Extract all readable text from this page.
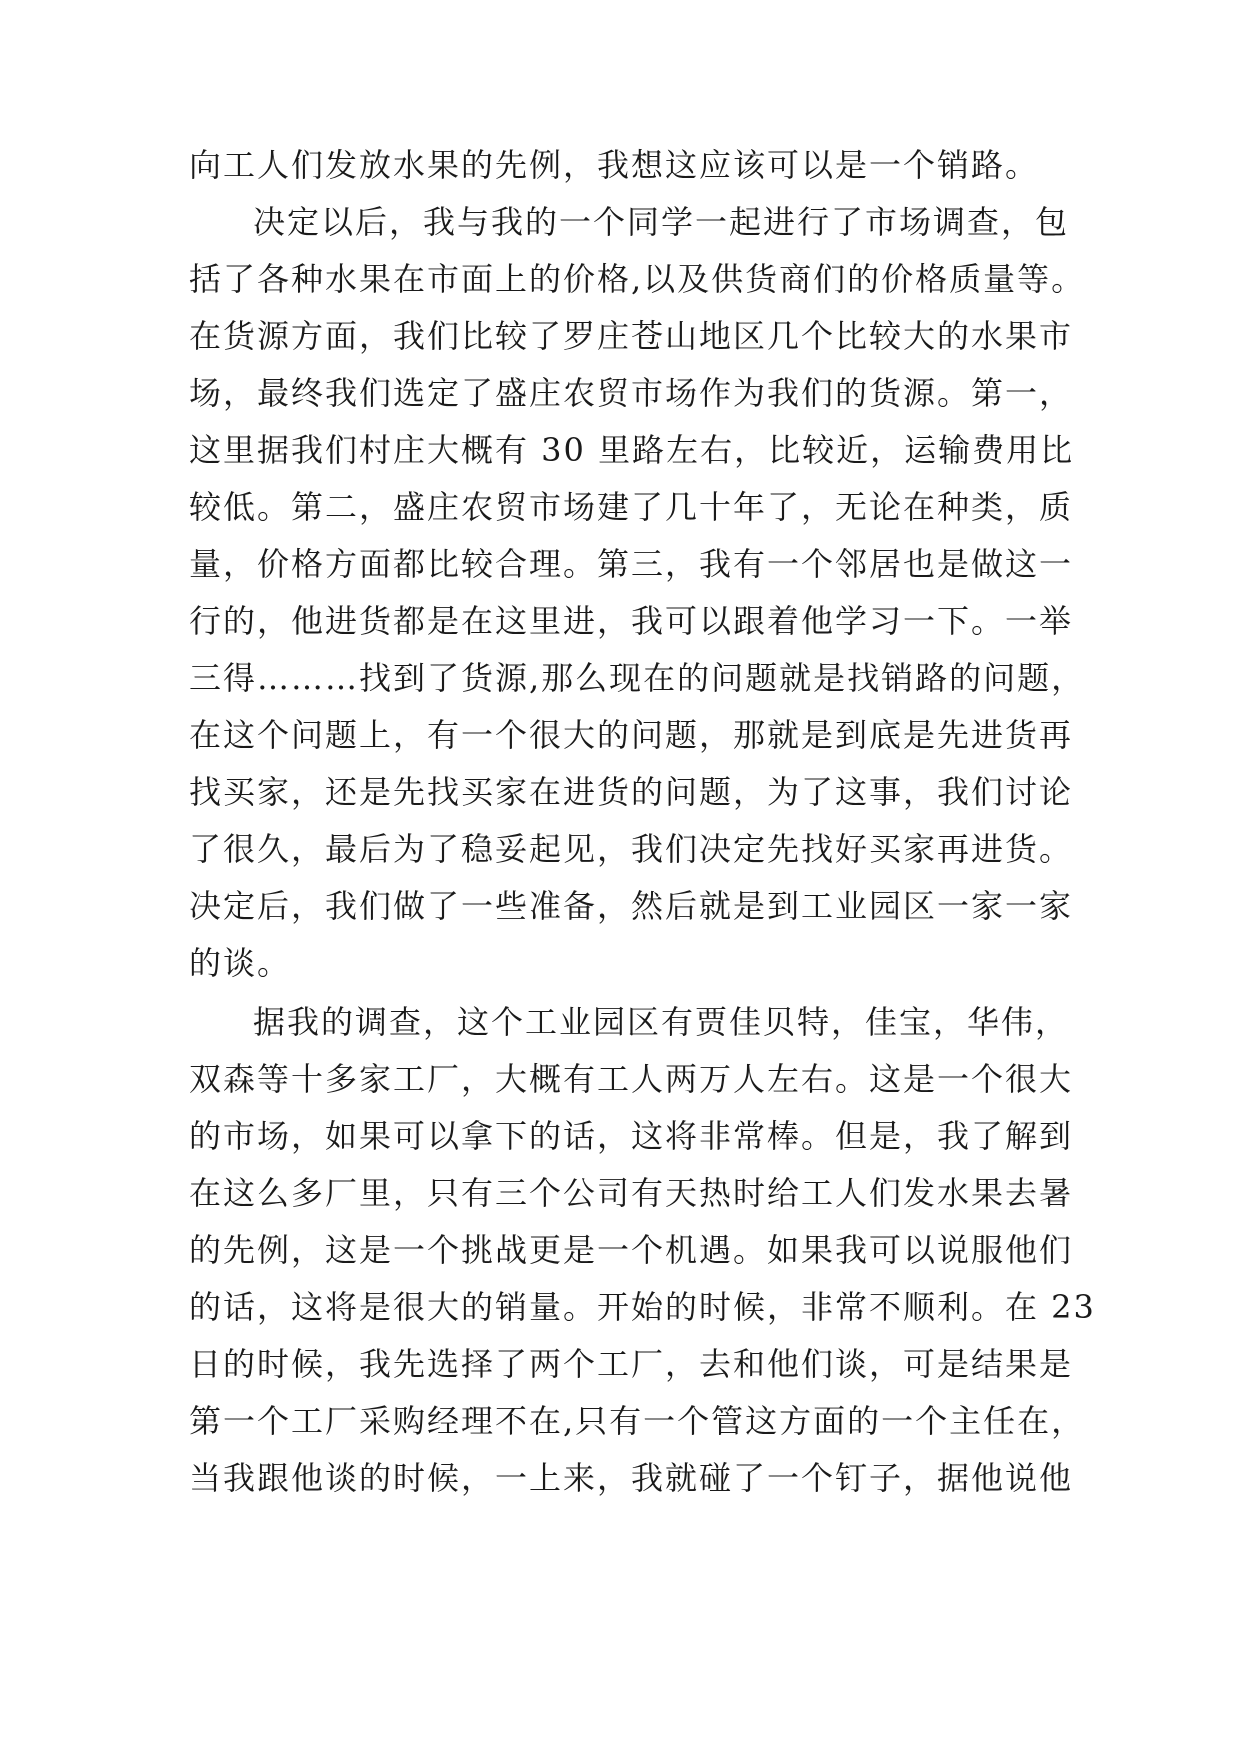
向工人们发放水果的先例，我想这应该可以是一个销路。
决定以后，我与我的一个同学一起进行了市场调查，包
括了各种水果在市面上的价格,以及供货商们的价格质量等。
在货源方面，我们比较了罗庄苍山地区几个比较大的水果市
场，最终我们选定了盛庄农贸市场作为我们的货源。第一，
这里据我们村庄大概有 30 里路左右，比较近，运输费用比
较低。第二，盛庄农贸市场建了几十年了，无论在种类，质
量，价格方面都比较合理。第三，我有一个邻居也是做这一
行的，他进货都是在这里进，我可以跟着他学习一下。一举
三得………找到了货源,那么现在的问题就是找销路的问题，
在这个问题上，有一个很大的问题，那就是到底是先进货再
找买家，还是先找买家在进货的问题，为了这事，我们讨论
了很久，最后为了稳妥起见，我们决定先找好买家再进货。
决定后，我们做了一些准备，然后就是到工业园区一家一家
的谈。
据我的调查，这个工业园区有贾佳贝特，佳宝，华伟，
双森等十多家工厂，大概有工人两万人左右。这是一个很大
的市场，如果可以拿下的话，这将非常棒。但是，我了解到
在这么多厂里，只有三个公司有天热时给工人们发水果去暑
的先例，这是一个挑战更是一个机遇。如果我可以说服他们
的话，这将是很大的销量。开始的时候，非常不顺利。在 23
日的时候，我先选择了两个工厂，去和他们谈，可是结果是
第一个工厂采购经理不在,只有一个管这方面的一个主任在，
当我跟他谈的时候，一上来，我就碰了一个钉子，据他说他
